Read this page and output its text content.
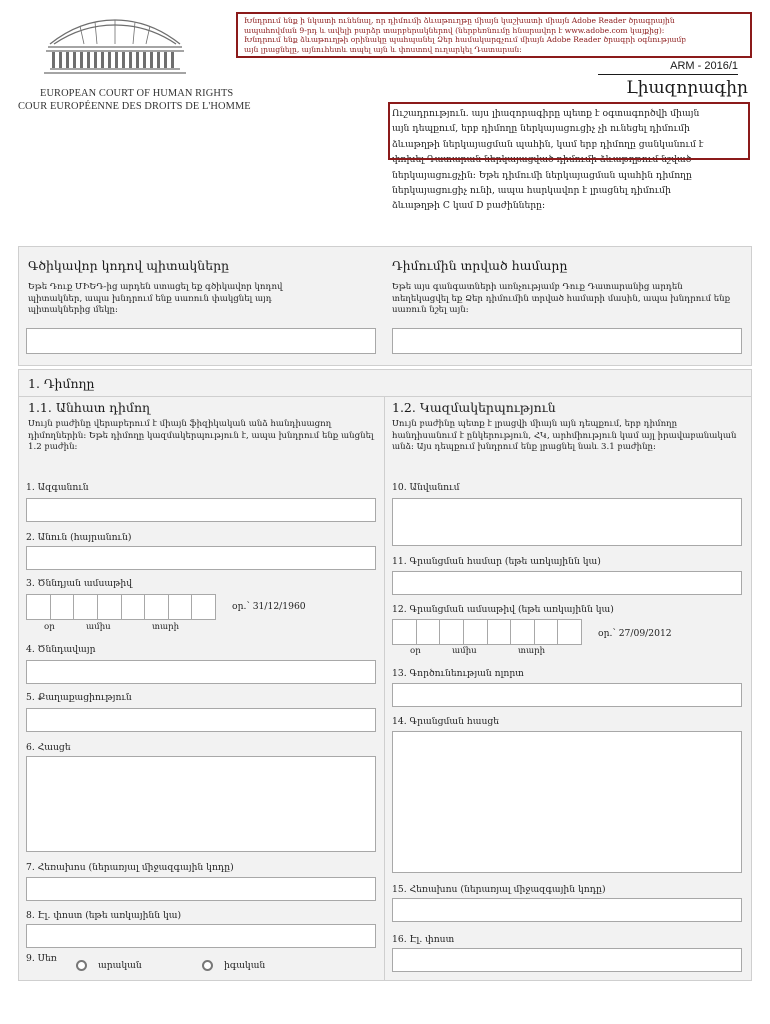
Խնդրում ենք ի նկատի ունենալ, որ դիմումի ձևաթուղթը միայն կաշխատի միայն Adobe Reader ծրագրային
ապահովման 9-րդ և ավելի բարձր տարբերակներով (ներբեռնումը հնարավոր է www.adobe.com կայքից):
Խնդրում ենք ձևաթուղթի օրինակը պահպանել Ձեր համակարգչում միայն Adobe Reader ծրագրի օգնությամբ
այն լրացնելը, այնուհետև տպել այն և փոստով ուղարկել Դատարան:
EUROPEAN COURT OF HUMAN RIGHTS
COUR EUROPÉENNE DES DROITS DE L'HOMME
ARM - 2016/1
Լիազորագիր
Ուշադրություն. այս լիազորագիրը պետք է օգտագործվի միայն
այն դեպքում, երբ դիմողը ներկայացուցիչ չի ունեցել դիմումի
ձևաթղթի ներկայացման պահին, կամ երբ դիմողը ցանկանում է
փոխել Դատարան ներկայացված դիմումի ձևաթղթում նշված
ներկայացուցչին: Եթե դիմումի ներկայացման պահին դիմողը
ներկայացուցիչ ունի, ապա հարկավոր է լրացնել դիմումի
ձևաթղթի C կամ D բաժինները:
Գծիկավոր կոդով պիտակները
Եթե Դուք ՄԻԵԴ-ից արդեն ստացել եք գծիկավոր կոդով պիտակներ, ապա խնդրում ենք սառուն փակցնել այդ պիտակներից մեկը:
Դիմումին տրված համարը
Եթե այս գանգատների առնչությամբ Դուք Դատարանից արդեն տեղեկացվել եք Ձեր դիմումին տրված համարի մասին, ապա խնդրում ենք սառուն նշել այն:
1. Դիմողը
1.1. Անհատ դիմող
Սույն բաժինը վերաբերում է միայն ֆիզիկական անձ հանդիսացող դիմողներին: Եթե դիմողը կազմակերպություն է, ապա խնդրում ենք անցնել 1.2 բաժին:
1. Ազգանուն
2. Անուն (հայրանուն)
3. Ծննդյան ամսաթիվ
օր.՝ 31/12/1960
օր	ամիս	տարի
4. Ծննդավայր
5. Քաղաքացիություն
6. Հասցե
7. Հեռախոս (ներառյալ միջազգային կոդը)
8. Էլ. փոստ (եթե առկայինն կա)
9. Սեռ
արական	իգական
1.2. Կազմակերպություն
Սույն բաժինը պետք է լրացվի միայն այն դեպքում, երբ դիմողը հանդիսանում է ընկերություն, ՀԿ, արհմիություն կամ այլ իրավաբանական անձ: Այս դեպքում խնդրում ենք լրացնել նաև 3.1 բաժինը:
10. Անվանում
11. Գրանցման համար (եթե առկայինն կա)
12. Գրանցման ամսաթիվ (եթե առկայինն կա)
օր.՝ 27/09/2012
օր	ամիս	տարի
13. Գործունեության ոլորտ
14. Գրանցման հասցե
15. Հեռախոս (ներառյալ միջազգային կոդը)
16. Էլ. փոստ
